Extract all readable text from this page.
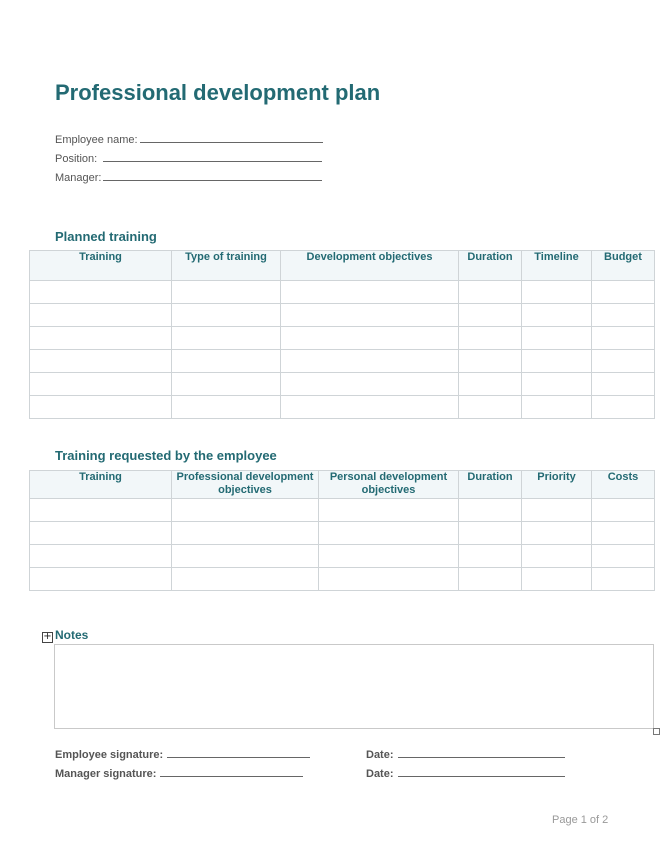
Professional development plan
Employee name:
Position:
Manager:
Planned training
Training	Type of training	Development objectives	Duration	Timeline	Budget

Training requested by the employee
Training	Professional development objectives	Personal development objectives	Duration	Priority	Costs

+ Notes
Employee signature:
Manager signature:
Date:
Date:
Page 1 of 2
